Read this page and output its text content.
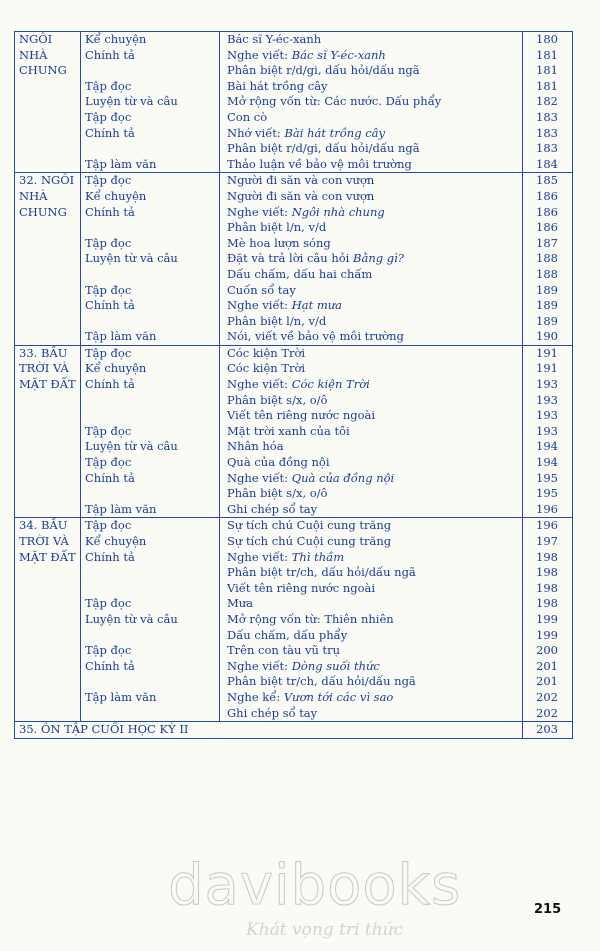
NGÔI NHÀ CHUNG	Kể chuyện	Bác sĩ Y-éc-xanh	180
	Chính tả	Nghe viết: Bác sĩ Y-éc-xanh	181

		Phân biệt r/d/gi, dấu hỏi/dấu ngã	181
	Tập đọc	Bài hát trồng cây	181
	Luyện từ và câu	Mở rộng vốn từ: Các nước. Dấu phẩy	182
	Tập đọc	Con cò	183
	Chính tả	Nhớ viết: Bài hát trồng cây	183

		Phân biệt r/d/gi, dấu hỏi/dấu ngã	183
	Tập làm văn	Thảo luận về bảo vệ môi trường	184
32. NGÔI NHÀ CHUNG	Tập đọc	Người đi săn và con vượn	185
	Kể chuyện	Người đi săn và con vượn	186
	Chính tả	Nghe viết: Ngôi nhà chung	186

		Phân biệt l/n, v/d	186
	Tập đọc	Mè hoa lượn sóng	187
	Luyện từ và câu	Đặt và trả lời câu hỏi Bằng gì?	188

		Dấu chấm, dấu hai chấm	188
	Tập đọc	Cuốn sổ tay	189
	Chính tả	Nghe viết: Hạt mưa	189

		Phân biệt l/n, v/d	189
	Tập làm văn	Nói, viết về bảo vệ môi trường	190
33. BẦU TRỜI VÀ MẶT ĐẤT	Tập đọc	Cóc kiện Trời	191
	Kể chuyện	Cóc kiện Trời	191
	Chính tả	Nghe viết: Cóc kiện Trời	193

		Phân biệt s/x, o/ô	193

		Viết tên riêng nước ngoài	193
	Tập đọc	Mặt trời xanh của tôi	193
	Luyện từ và câu	Nhân hóa	194
	Tập đọc	Quà của đồng nội	194
	Chính tả	Nghe viết: Quà của đồng nội	195

		Phân biệt s/x, o/ô	195
	Tập làm văn	Ghi chép sổ tay	196
34. BẦU TRỜI VÀ MẶT ĐẤT	Tập đọc	Sự tích chú Cuội cung trăng	196
	Kể chuyện	Sự tích chú Cuội cung trăng	197
	Chính tả	Nghe viết: Thì thầm	198

		Phân biệt tr/ch, dấu hỏi/dấu ngã	198

		Viết tên riêng nước ngoài	198
	Tập đọc	Mưa	198
	Luyện từ và câu	Mở rộng vốn từ: Thiên nhiên	199

		Dấu chấm, dấu phẩy	199
	Tập đọc	Trên con tàu vũ trụ	200
	Chính tả	Nghe viết: Dòng suối thức	201

		Phân biệt tr/ch, dấu hỏi/dấu ngã	201
	Tập làm văn	Nghe kể: Vươn tới các vì sao	202

		Ghi chép sổ tay	202
35. ÔN TẬP CUỐI HỌC KỲ II			203
215
davibooks
Khát vọng tri thức
